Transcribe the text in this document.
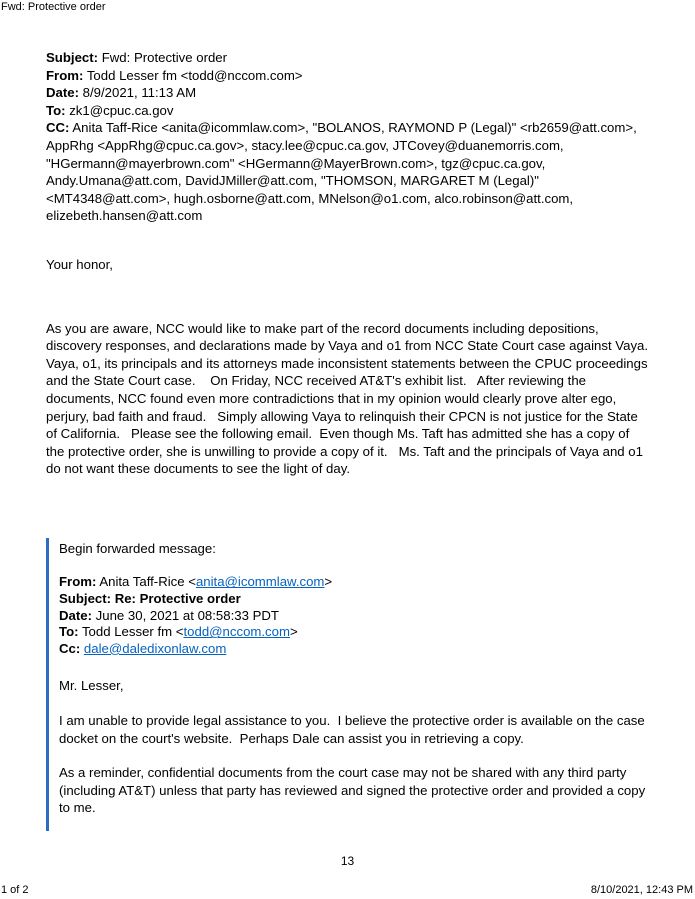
Fwd: Protective order
Subject: Fwd: Protective order
From: Todd Lesser fm <todd@nccom.com>
Date: 8/9/2021, 11:13 AM
To: zk1@cpuc.ca.gov
CC: Anita Taff-Rice <anita@icommlaw.com>, "BOLANOS, RAYMOND P (Legal)" <rb2659@att.com>, AppRhg <AppRhg@cpuc.ca.gov>, stacy.lee@cpuc.ca.gov, JTCovey@duanemorris.com, "HGermann@mayerbrown.com" <HGermann@MayerBrown.com>, tgz@cpuc.ca.gov, Andy.Umana@att.com, DavidJMiller@att.com, "THOMSON, MARGARET M (Legal)" <MT4348@att.com>, hugh.osborne@att.com, MNelson@o1.com, alco.robinson@att.com, elizebeth.hansen@att.com
Your honor,

As you are aware, NCC would like to make part of the record documents including depositions, discovery responses, and declarations made by Vaya and o1 from NCC State Court case against Vaya. Vaya, o1, its principals and its attorneys made inconsistent statements between the CPUC proceedings and the State Court case.    On Friday, NCC received AT&T's exhibit list.   After reviewing the documents, NCC found even more contradictions that in my opinion would clearly prove alter ego, perjury, bad faith and fraud.   Simply allowing Vaya to relinquish their CPCN is not justice for the State of California.   Please see the following email.  Even though Ms. Taft has admitted she has a copy of the protective order, she is unwilling to provide a copy of it.   Ms. Taft and the principals of Vaya and o1 do not want these documents to see the light of day.

Begin forwarded message:
From: Anita Taff-Rice <anita@icommlaw.com>
Subject: Re: Protective order
Date: June 30, 2021 at 08:58:33 PDT
To: Todd Lesser fm <todd@nccom.com>
Cc: dale@daledixonlaw.com
Mr. Lesser,

I am unable to provide legal assistance to you.  I believe the protective order is available on the case docket on the court's website.  Perhaps Dale can assist you in retrieving a copy.

As a reminder, confidential documents from the court case may not be shared with any third party (including AT&T) unless that party has reviewed and signed the protective order and provided a copy to me.

13
1 of 2	8/10/2021, 12:43 PM
